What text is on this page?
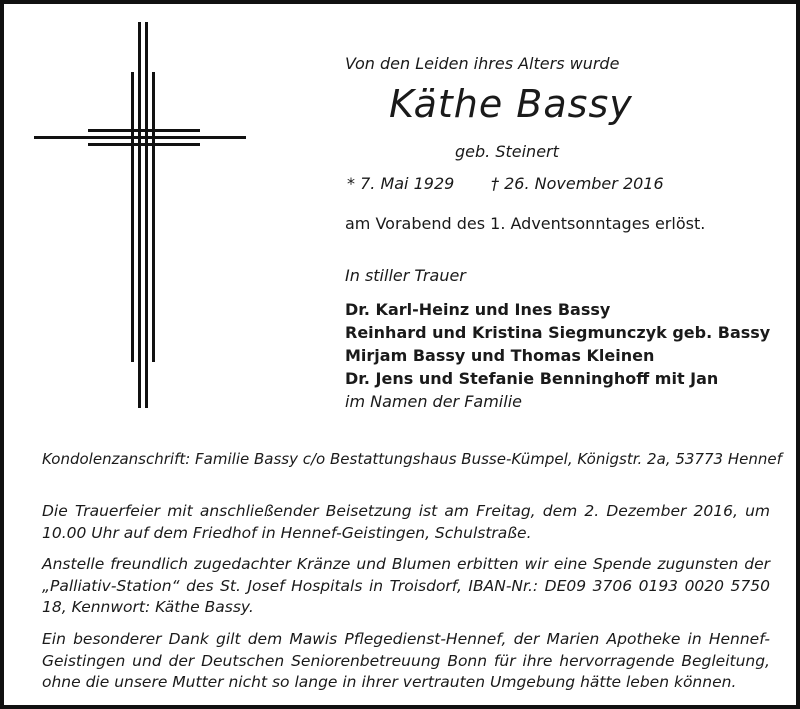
Von den Leiden ihres Alters wurde
Käthe Bassy
geb. Steinert
* 7. Mai 1929 † 26. November 2016
am Vorabend des 1. Adventsonntages erlöst.
In stiller Trauer
Dr. Karl-Heinz und Ines Bassy
Reinhard und Kristina Siegmunczyk geb. Bassy
Mirjam Bassy und Thomas Kleinen
Dr. Jens und Stefanie Benninghoff mit Jan
im Namen der Familie
Kondolenzanschrift: Familie Bassy c/o Bestattungshaus Busse-Kümpel, Königstr. 2a, 53773 Hennef
Die Trauerfeier mit anschließender Beisetzung ist am Freitag, dem 2. Dezember 2016, um 10.00 Uhr auf dem Friedhof in Hennef-Geistingen, Schulstraße.
Anstelle freundlich zugedachter Kränze und Blumen erbitten wir eine Spende zugunsten der „Palliativ-Station“ des St. Josef Hospitals in Troisdorf, IBAN-Nr.: DE09 3706 0193 0020 5750 18, Kennwort: Käthe Bassy.
Ein besonderer Dank gilt dem Mawis Pflegedienst-Hennef, der Marien Apotheke in Hennef-Geistingen und der Deutschen Seniorenbetreuung Bonn für ihre hervorragende Begleitung, ohne die unsere Mutter nicht so lange in ihrer vertrauten Umgebung hätte leben können.
